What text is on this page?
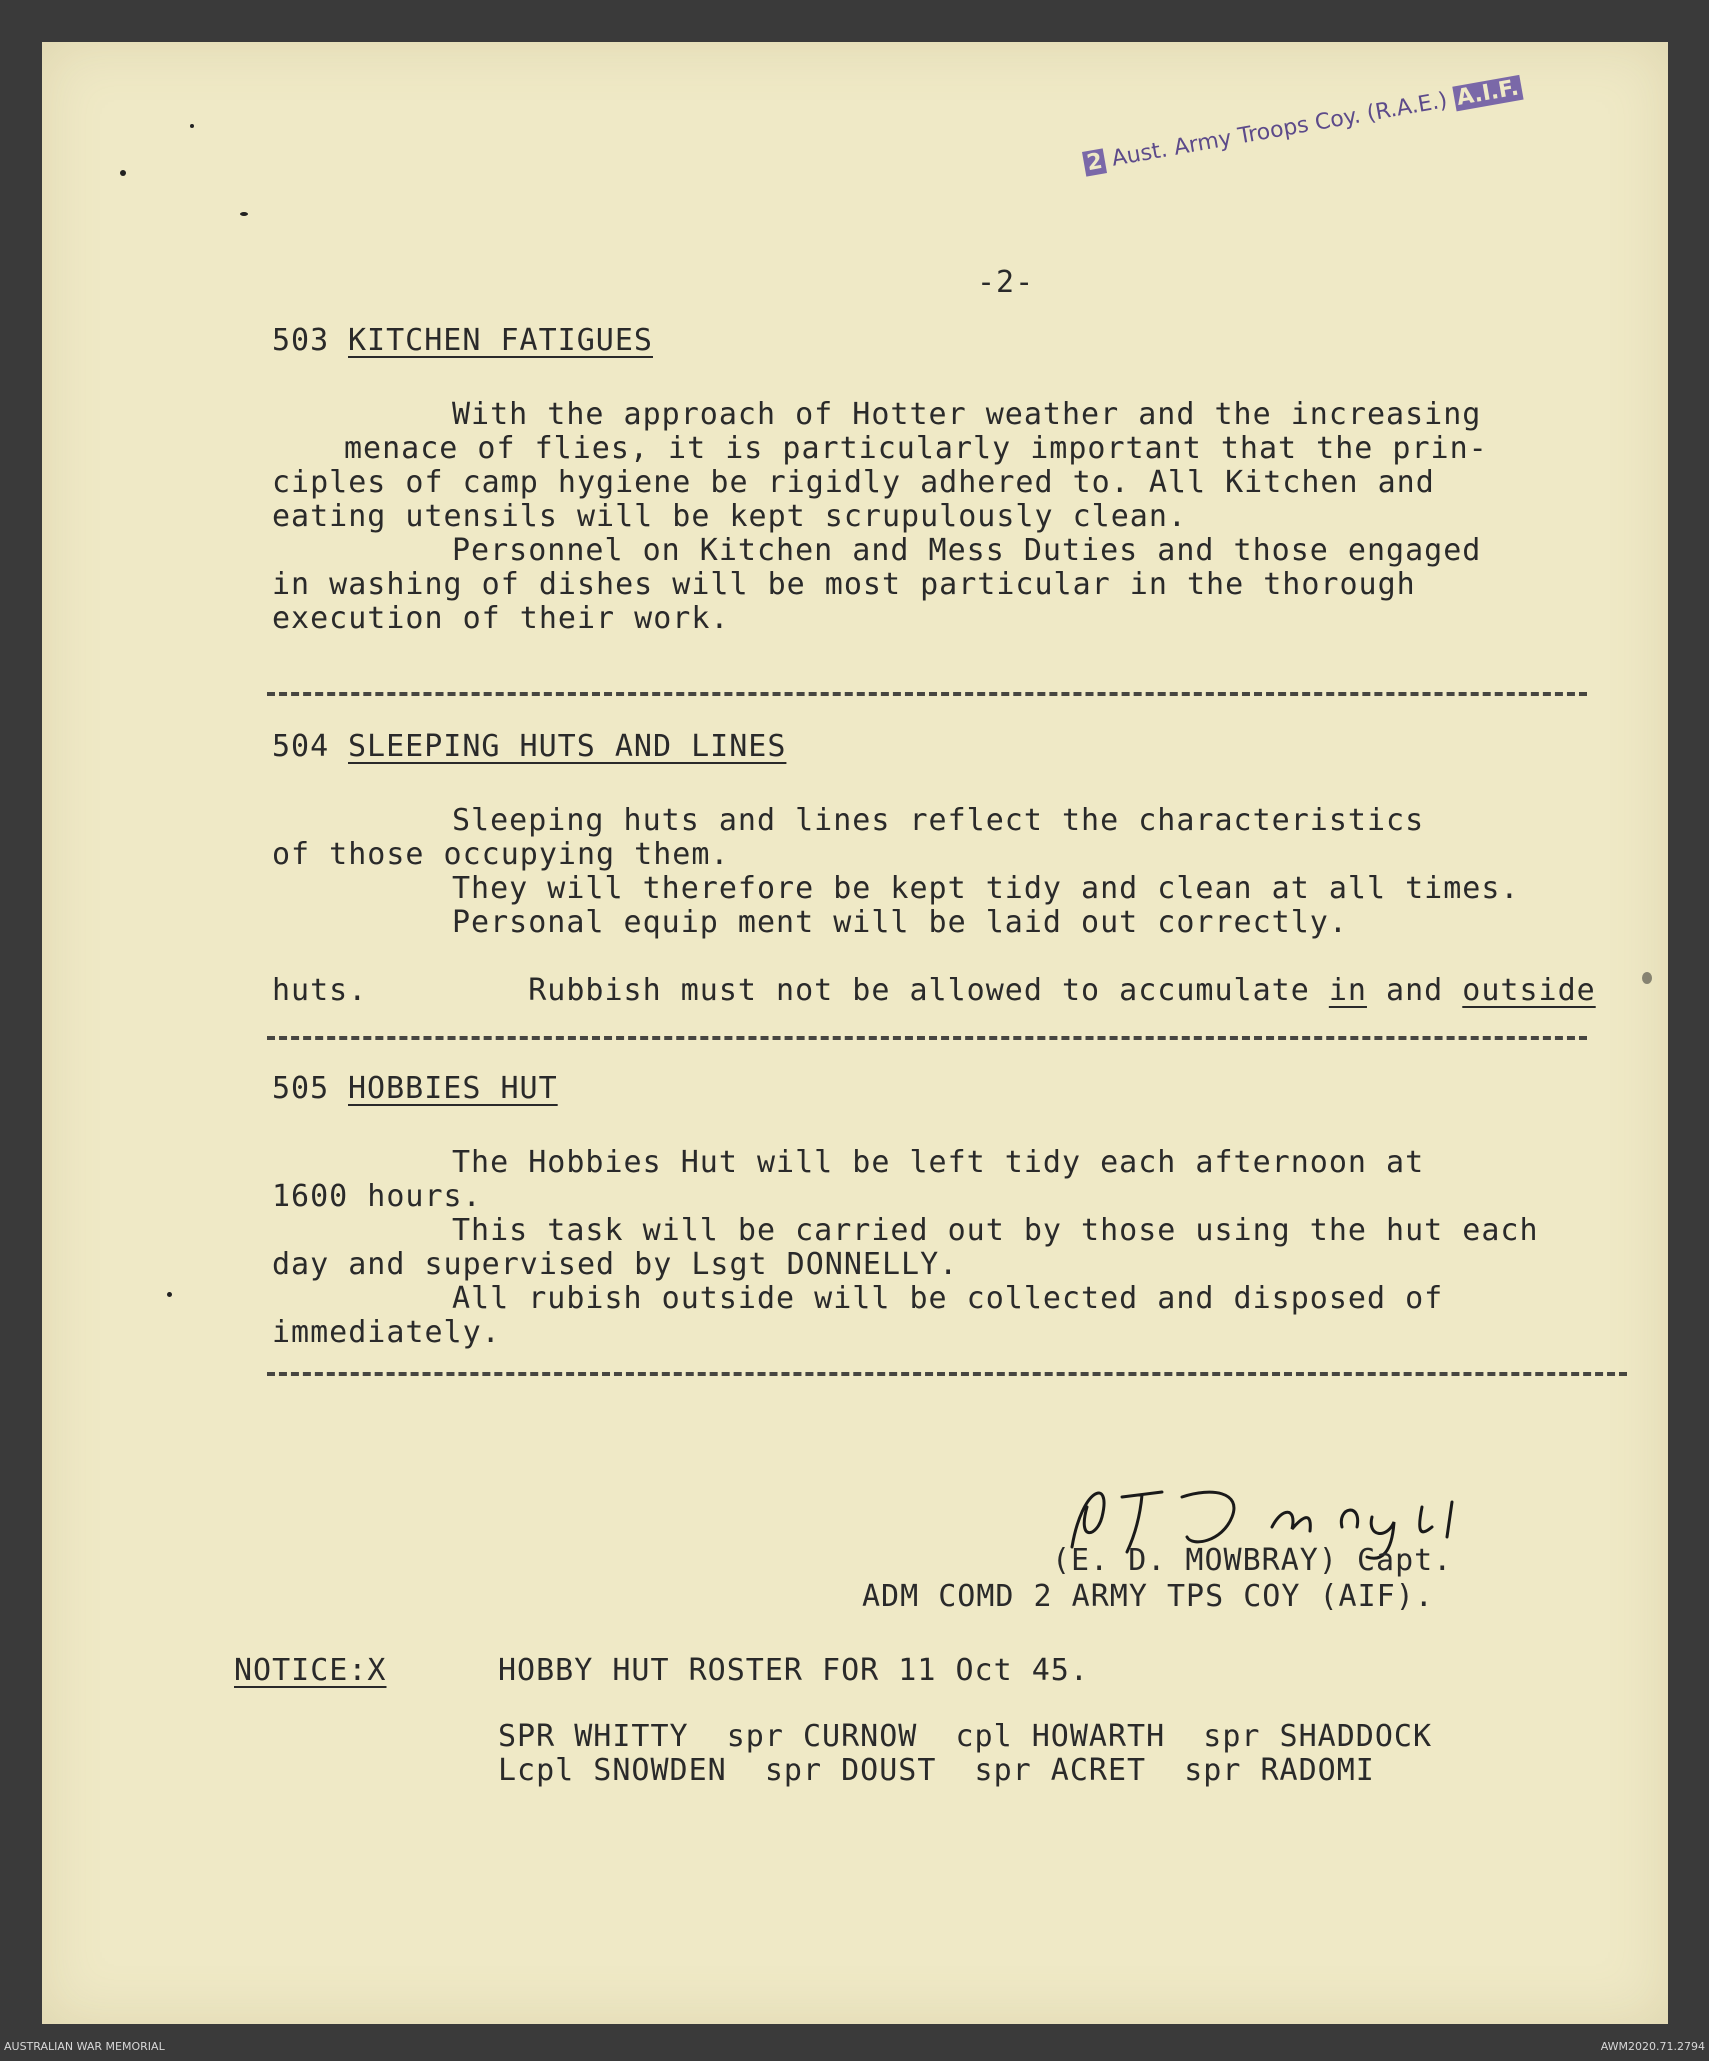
2 Aust. Army Troops Coy. (R.A.E.) A.I.F.
-2-
503 KITCHEN FATIGUES
With the approach of Hotter weather and the increasing
menace of flies, it is particularly important that the prin-
ciples of camp hygiene be rigidly adhered to. All Kitchen and
eating utensils will be kept scrupulously clean.
Personnel on Kitchen and Mess Duties and those engaged
in washing of dishes will be most particular in the thorough
execution of their work.
504 SLEEPING HUTS AND LINES
Sleeping huts and lines reflect the characteristics
of those occupying them.
They will therefore be kept tidy and clean at all times.
Personal equip ment will be laid out correctly.

Rubbish must not be allowed to accumulate in and outside

huts.
505 HOBBIES HUT
The Hobbies Hut will be left tidy each afternoon at
1600 hours.
This task will be carried out by those using the hut each
day and supervised by Lsgt DONNELLY.
All rubish outside will be collected and disposed of
immediately.
(E. D. MOWBRAY) Capt.
ADM COMD 2 ARMY TPS COY (AIF).
NOTICE:X	HOBBY HUT ROSTER FOR 11 Oct 45.
SPR WHITTY  spr CURNOW  cpl HOWARTH  spr SHADDOCK
Lcpl SNOWDEN  spr DOUST  spr ACRET  spr RADOMI
AUSTRALIAN WAR MEMORIAL	AWM2020.71.2794
